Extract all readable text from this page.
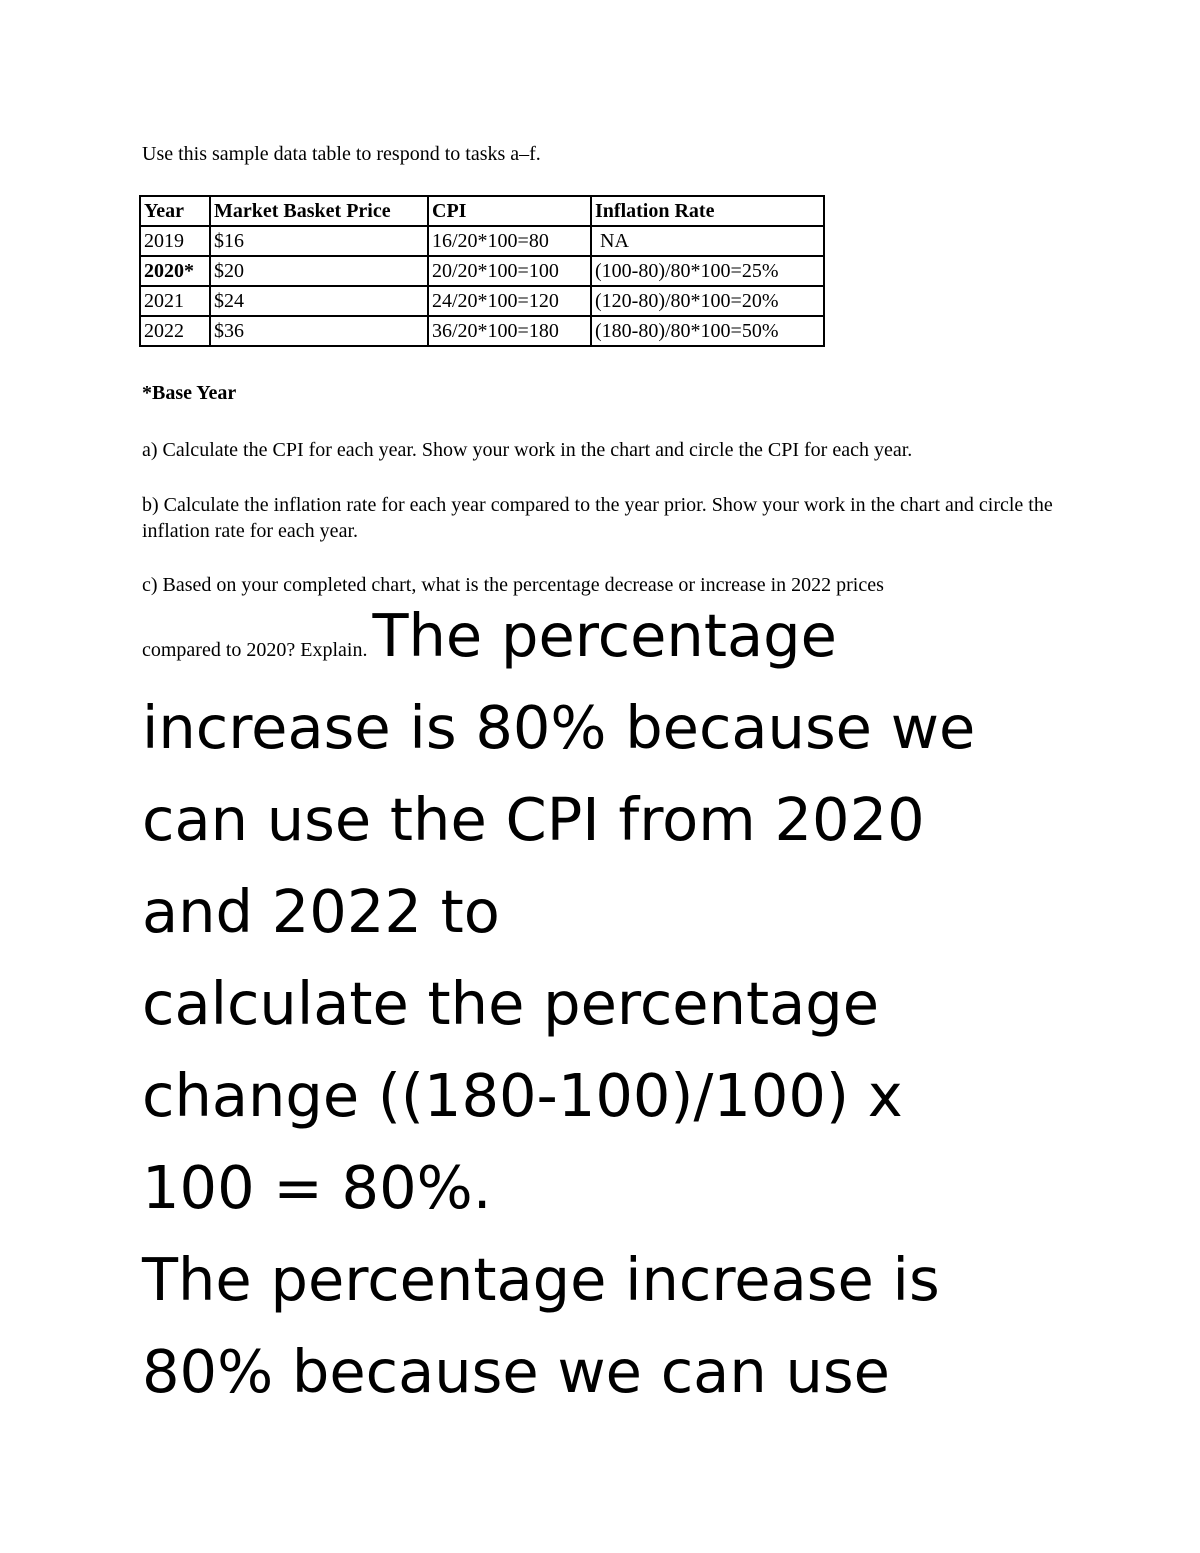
Use this sample data table to respond to tasks a–f.

Year	Market Basket Price	CPI	Inflation Rate
2019	$16	16/20*100=80	NA
2020*	$20	20/20*100=100	(100-80)/80*100=25%
2021	$24	24/20*100=120	(120-80)/80*100=20%
2022	$36	36/20*100=180	(180-80)/80*100=50%

*Base Year

a) Calculate the CPI for each year. Show your work in the chart and circle the CPI for each year.

b) Calculate the inflation rate for each year compared to the year prior. Show your work in the chart and circle the inflation rate for each year.

c) Based on your completed chart, what is the percentage decrease or increase in 2022 prices

compared to 2020? Explain. The percentage
increase is 80% because we
can use the CPI from 2020
and 2022 to
calculate the percentage
change ((180-100)/100) x
100 = 80%.
The percentage increase is
80% because we can use
